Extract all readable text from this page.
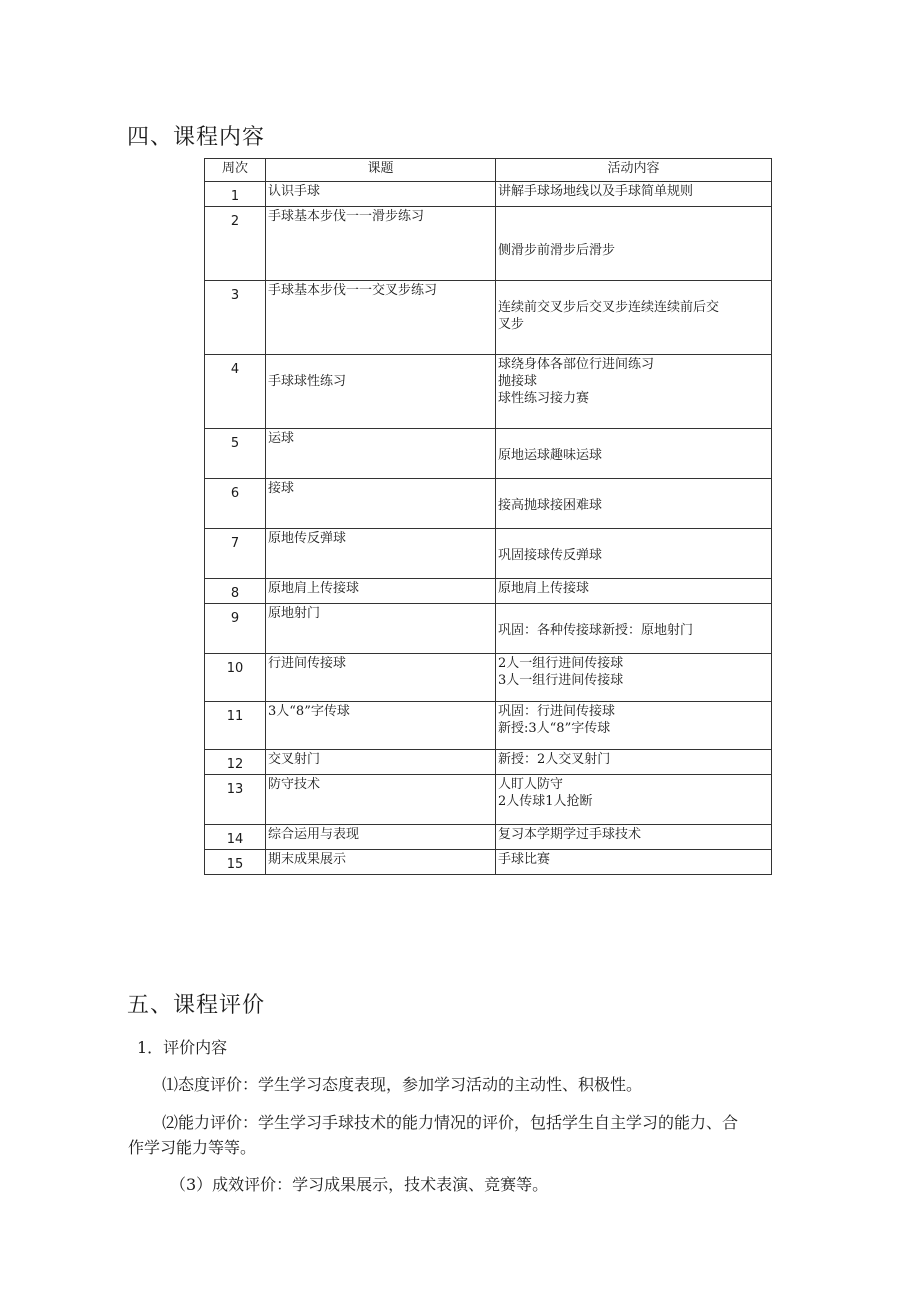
四、课程内容
周次	课题	活动内容
1	认识手球	讲解手球场地线以及手球简单规则

2	手球基本步伐一一滑步练习	侧滑步前滑步后滑步

3	手球基本步伐一一交叉步练习	连续前交叉步后交叉步连续连续前后交
叉步

4	手球球性练习	球绕身体各部位行进间练习
抛接球
球性练习接力赛

5	运球	原地运球趣味运球

6	接球	接高抛球接困难球

7	原地传反弹球	巩固接球传反弹球

8	原地肩上传接球	原地肩上传接球

9	原地射门	巩固：各种传接球新授：原地射门

10	行进间传接球	2人一组行进间传接球
3人一组行进间传接球

11	3人“8”字传球	巩固：行进间传接球
新授:3人“8”字传球

12	交叉射门	新授：2人交叉射门

13	防守技术	人盯人防守
2人传球1人抢断

14	综合运用与表现	复习本学期学过手球技术

15	期末成果展示	手球比赛
五、课程评价

1．评价内容

⑴态度评价：学生学习态度表现，参加学习活动的主动性、积极性。

⑵能力评价：学生学习手球技术的能力情况的评价，包括学生自主学习的能力、合

作学习能力等等。

（3）成效评价：学习成果展示，技术表演、竞赛等。
